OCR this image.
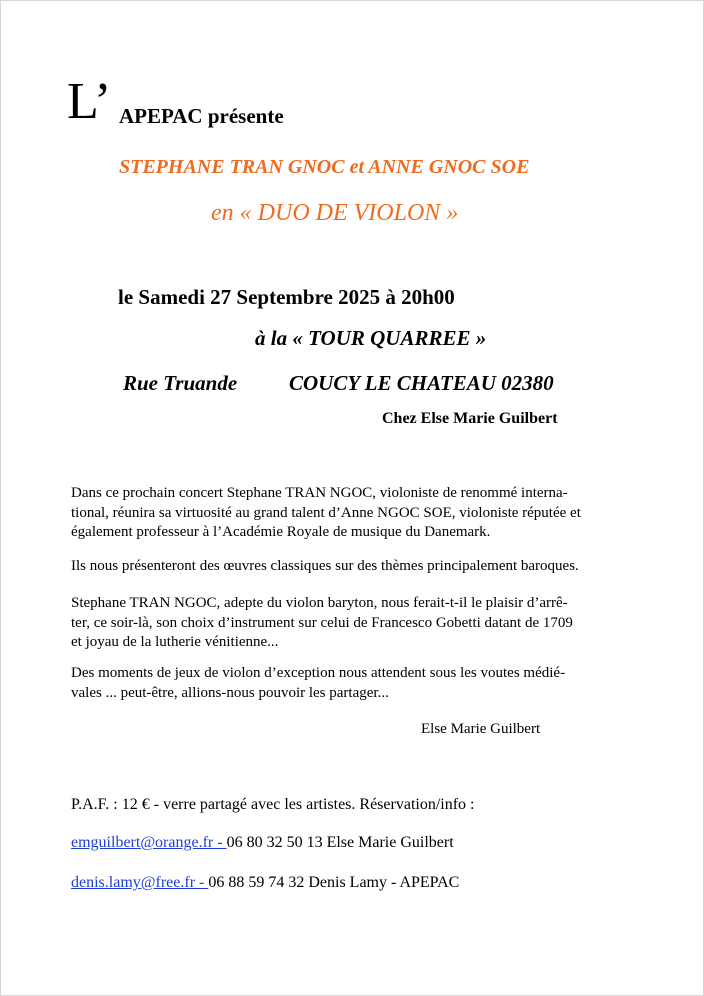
L’ APEPAC présente
STEPHANE TRAN GNOC et ANNE GNOC SOE
en « DUO DE VIOLON »
le Samedi 27 Septembre 2025 à 20h00
à la « TOUR QUARREE »
Rue Truande COUCY LE CHATEAU 02380
Chez Else Marie Guilbert
Dans ce prochain concert Stephane TRAN NGOC, violoniste de renommé interna-
tional, réunira sa virtuosité au grand talent d’Anne NGOC SOE, violoniste réputée et
également professeur à l’Académie Royale de musique du Danemark.
Ils nous présenteront des œuvres classiques sur des thèmes principalement baroques.
Stephane TRAN NGOC, adepte du violon baryton, nous ferait-t-il le plaisir d’arrê-
ter, ce soir-là, son choix d’instrument sur celui de Francesco Gobetti datant de 1709
et joyau de la lutherie vénitienne...
Des moments de jeux de violon d’exception nous attendent sous les voutes médié-
vales ... peut-être, allions-nous pouvoir les partager...
Else Marie Guilbert
P.A.F. : 12 € - verre partagé avec les artistes. Réservation/info :
emguilbert@orange.fr - 06 80 32 50 13 Else Marie Guilbert
denis.lamy@free.fr - 06 88 59 74 32 Denis Lamy - APEPAC
